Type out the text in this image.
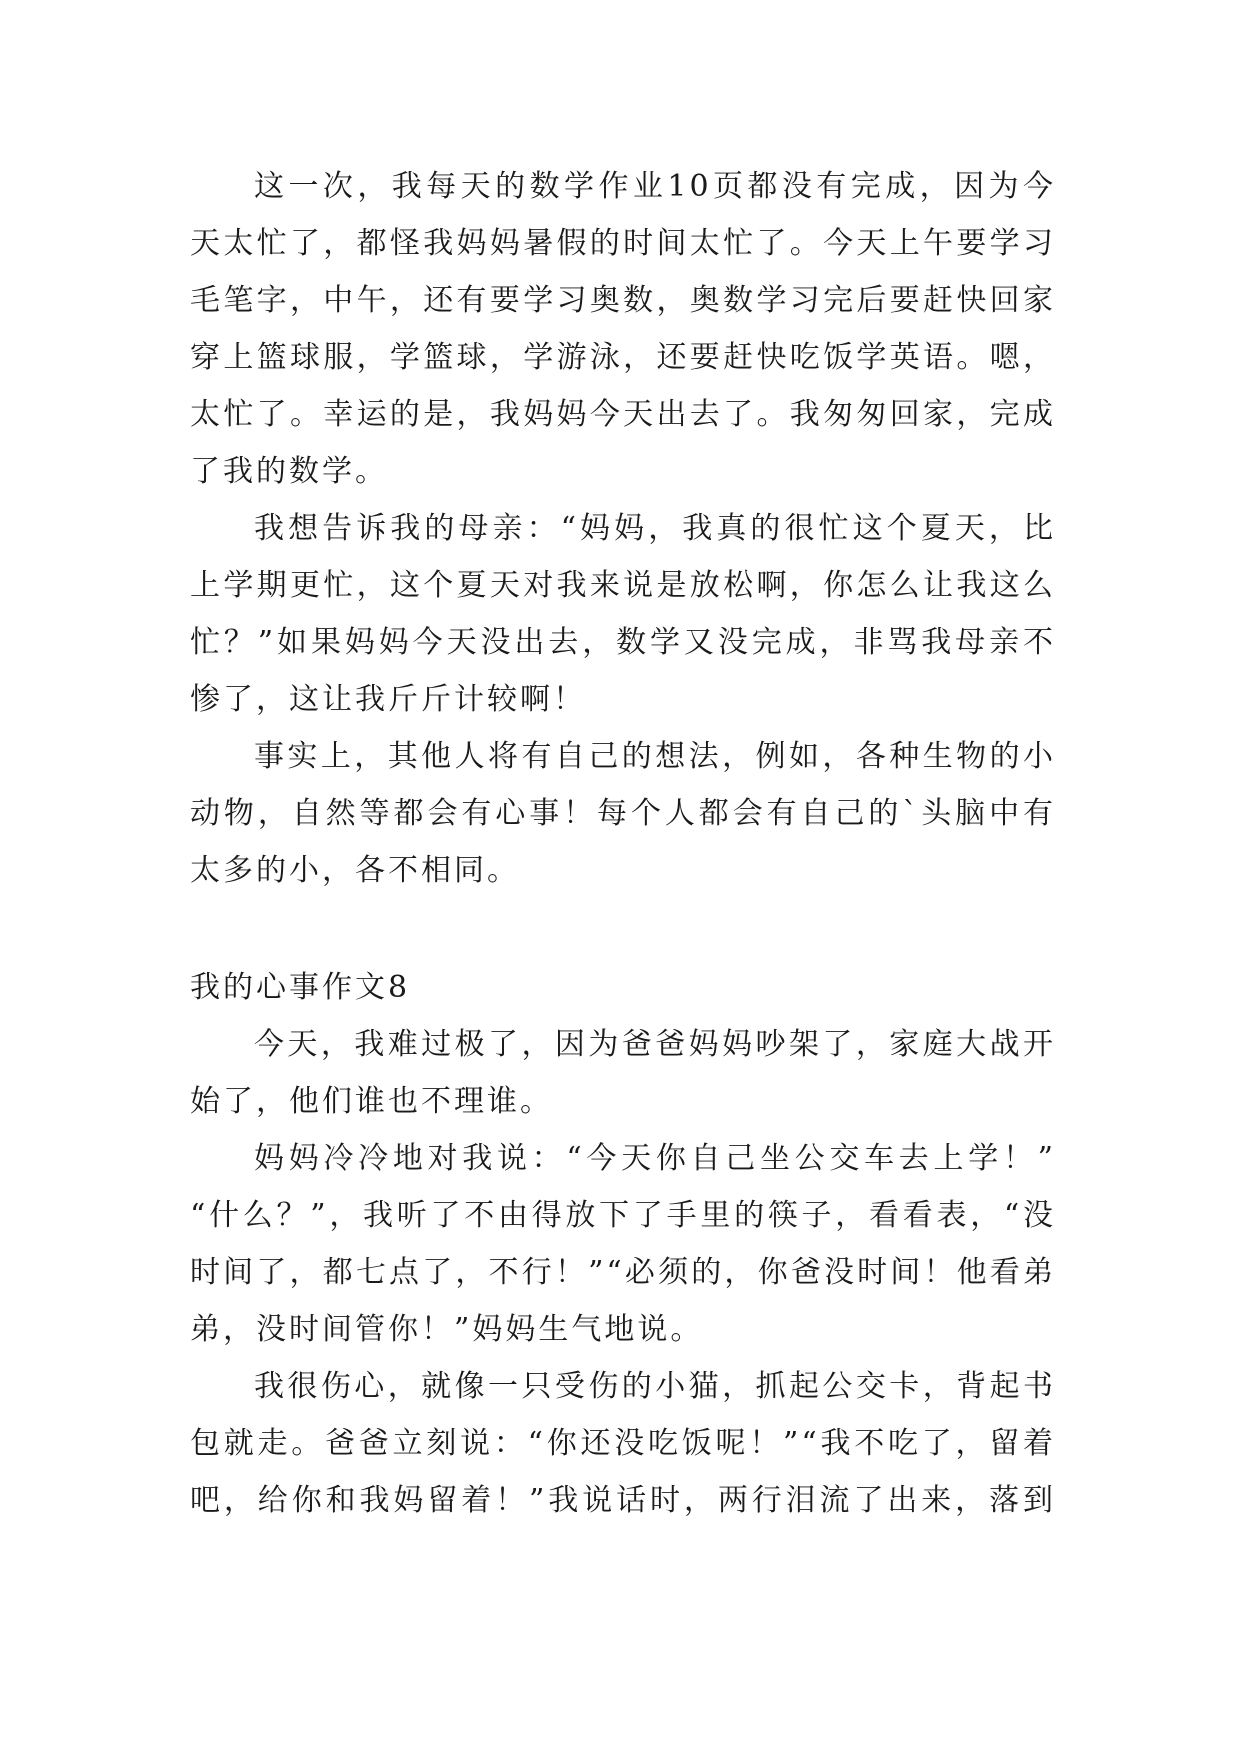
这一次，我每天的数学作业10页都没有完成，因为今
天太忙了，都怪我妈妈暑假的时间太忙了。今天上午要学习
毛笔字，中午，还有要学习奥数，奥数学习完后要赶快回家
穿上篮球服，学篮球，学游泳，还要赶快吃饭学英语。嗯，
太忙了。幸运的是，我妈妈今天出去了。我匆匆回家，完成
了我的数学。
我想告诉我的母亲：“妈妈，我真的很忙这个夏天，比
上学期更忙，这个夏天对我来说是放松啊，你怎么让我这么
忙？”如果妈妈今天没出去，数学又没完成，非骂我母亲不
惨了，这让我斤斤计较啊！
事实上，其他人将有自己的想法，例如，各种生物的小
动物，自然等都会有心事！每个人都会有自己的`头脑中有
太多的小，各不相同。
我的心事作文8
今天，我难过极了，因为爸爸妈妈吵架了，家庭大战开
始了，他们谁也不理谁。
妈妈冷冷地对我说：“今天你自己坐公交车去上学！”
“什么？”，我听了不由得放下了手里的筷子，看看表，“没
时间了，都七点了，不行！”“必须的，你爸没时间！他看弟
弟，没时间管你！”妈妈生气地说。
我很伤心，就像一只受伤的小猫，抓起公交卡，背起书
包就走。爸爸立刻说：“你还没吃饭呢！”“我不吃了，留着
吧，给你和我妈留着！”我说话时，两行泪流了出来，落到
